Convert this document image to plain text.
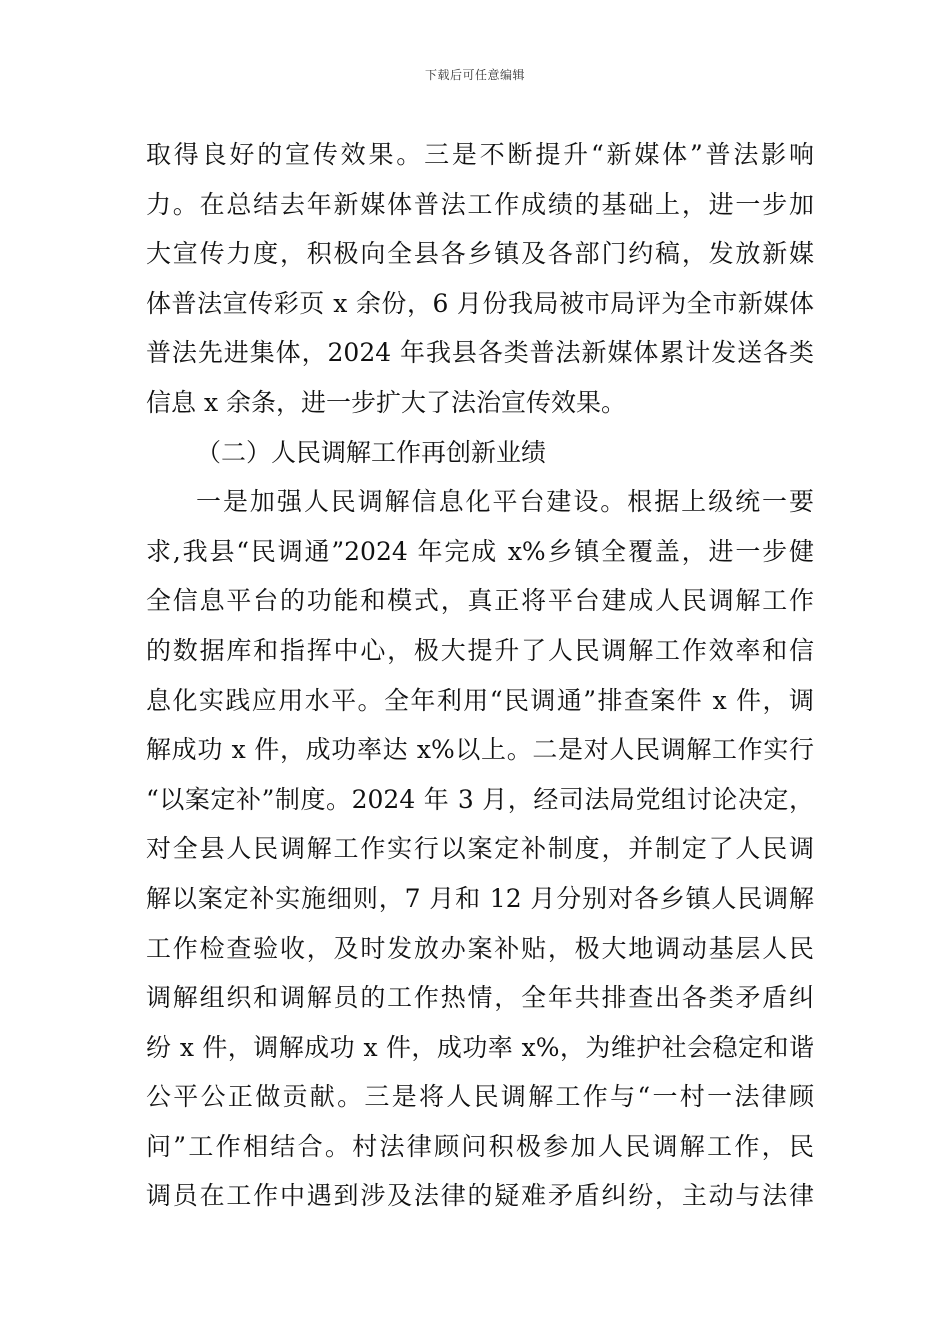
下载后可任意编辑
取得良好的宣传效果。三是不断提升“新媒体”普法影响
力。在总结去年新媒体普法工作成绩的基础上，进一步加
大宣传力度，积极向全县各乡镇及各部门约稿，发放新媒
体普法宣传彩页 x 余份，6 月份我局被市局评为全市新媒体
普法先进集体，2024 年我县各类普法新媒体累计发送各类
信息 x 余条，进一步扩大了法治宣传效果。
（二）人民调解工作再创新业绩
一是加强人民调解信息化平台建设。根据上级统一要
求,我县“民调通”2024 年完成 x%乡镇全覆盖，进一步健
全信息平台的功能和模式，真正将平台建成人民调解工作
的数据库和指挥中心，极大提升了人民调解工作效率和信
息化实践应用水平。全年利用“民调通”排查案件 x 件，调
解成功 x 件，成功率达 x%以上。二是对人民调解工作实行
“以案定补”制度。2024 年 3 月，经司法局党组讨论决定，
对全县人民调解工作实行以案定补制度，并制定了人民调
解以案定补实施细则，7 月和 12 月分别对各乡镇人民调解
工作检查验收，及时发放办案补贴，极大地调动基层人民
调解组织和调解员的工作热情，全年共排查出各类矛盾纠
纷 x 件，调解成功 x 件，成功率 x%，为维护社会稳定和谐
公平公正做贡献。三是将人民调解工作与“一村一法律顾
问”工作相结合。村法律顾问积极参加人民调解工作，民
调员在工作中遇到涉及法律的疑难矛盾纠纷，主动与法律
